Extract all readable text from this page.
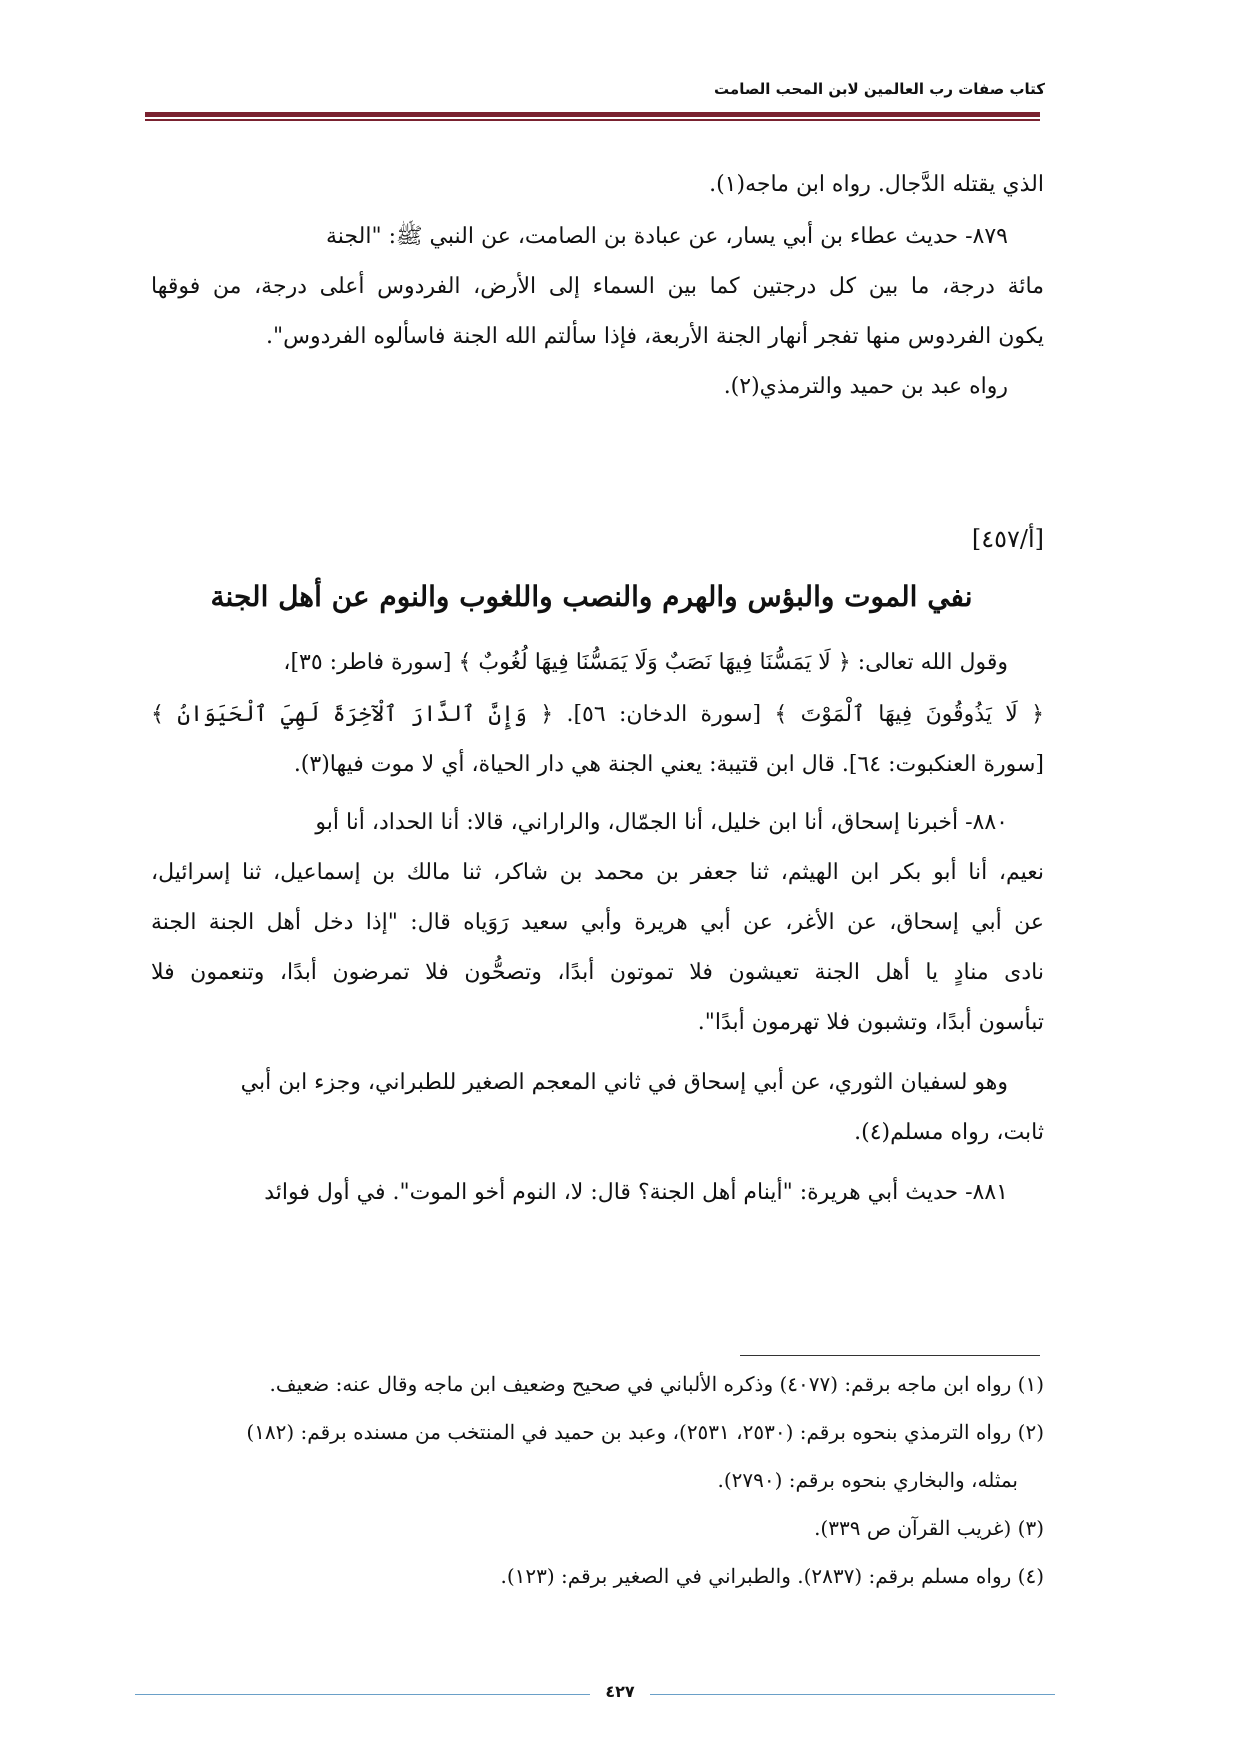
كتاب صفات رب العالمين لابن المحب الصامت
الذي يقتله الدَّجال. رواه ابن ماجه(١).
٨٧٩- حديث عطاء بن أبي يسار، عن عبادة بن الصامت، عن النبي ﷺ: "الجنة
مائة درجة، ما بين كل درجتين كما بين السماء إلى الأرض، الفردوس أعلى درجة، من فوقها
يكون الفردوس منها تفجر أنهار الجنة الأربعة، فإذا سألتم الله الجنة فاسألوه الفردوس".
رواه عبد بن حميد والترمذي(٢).
[أ/٤٥٧]
نفي الموت والبؤس والهرم والنصب واللغوب والنوم عن أهل الجنة
وقول الله تعالى: ﴿ لَا يَمَسُّنَا فِيهَا نَصَبٌ وَلَا يَمَسُّنَا فِيهَا لُغُوبٌ ﴾ [سورة فاطر: ٣٥]،
﴿ لَا يَذُوقُونَ فِيهَا ٱلْمَوْتَ ﴾ [سورة الدخان: ٥٦]. ﴿ وَإِنَّ ٱلدَّارَ ٱلْآخِرَةَ لَهِيَ ٱلْحَيَوَانُ ﴾
[سورة العنكبوت: ٦٤]. قال ابن قتيبة: يعني الجنة هي دار الحياة، أي لا موت فيها(٣).
٨٨٠- أخبرنا إسحاق، أنا ابن خليل، أنا الجمّال، والراراني، قالا: أنا الحداد، أنا أبو
نعيم، أنا أبو بكر ابن الهيثم، ثنا جعفر بن محمد بن شاكر، ثنا مالك بن إسماعيل، ثنا إسرائيل،
عن أبي إسحاق، عن الأغر، عن أبي هريرة وأبي سعيد رَوَياه قال: "إذا دخل أهل الجنة الجنة
نادى منادٍ يا أهل الجنة تعيشون فلا تموتون أبدًا، وتصحُّون فلا تمرضون أبدًا، وتنعمون فلا
تبأسون أبدًا، وتشبون فلا تهرمون أبدًا".
وهو لسفيان الثوري، عن أبي إسحاق في ثاني المعجم الصغير للطبراني، وجزء ابن أبي
ثابت، رواه مسلم(٤).
٨٨١- حديث أبي هريرة: "أينام أهل الجنة؟ قال: لا، النوم أخو الموت". في أول فوائد
(١) رواه ابن ماجه برقم: (٤٠٧٧) وذكره الألباني في صحيح وضعيف ابن ماجه وقال عنه: ضعيف.
(٢) رواه الترمذي بنحوه برقم: (٢٥٣٠، ٢٥٣١)، وعبد بن حميد في المنتخب من مسنده برقم: (١٨٢)
بمثله، والبخاري بنحوه برقم: (٢٧٩٠).
(٣) (غريب القرآن ص ٣٣٩).
(٤) رواه مسلم برقم: (٢٨٣٧). والطبراني في الصغير برقم: (١٢٣).
٤٢٧
